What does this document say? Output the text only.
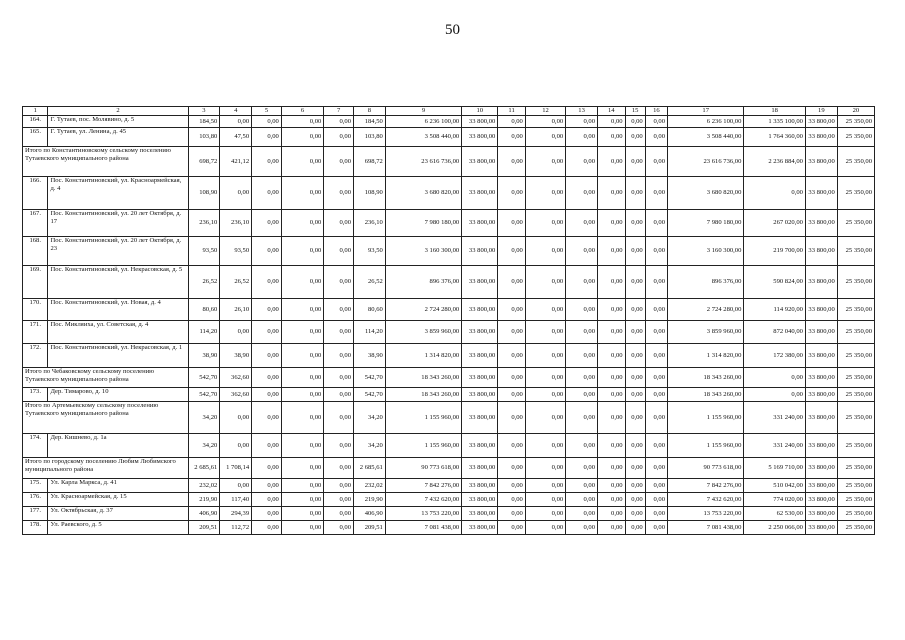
50
1	2	3	4	5	6	7	8	9	10	11	12	13	14	15	16	17	18	19	20
164.	Г. Тутаев, пос. Молявино, д. 5	184,50	0,00	0,00	0,00	0,00	184,50	6 236 100,00	33 800,00	0,00	0,00	0,00	0,00	0,00	0,00	6 236 100,00	1 335 100,00	33 800,00	25 350,00
165.	Г. Тутаев, ул. Ленина, д. 45	103,80	47,50	0,00	0,00	0,00	103,80	3 508 440,00	33 800,00	0,00	0,00	0,00	0,00	0,00	0,00	3 508 440,00	1 764 360,00	33 800,00	25 350,00
Итого по Константиновскому сельскому поселению Тутаевского муниципального района		698,72	421,12	0,00	0,00	0,00	698,72	23 616 736,00	33 800,00	0,00	0,00	0,00	0,00	0,00	0,00	23 616 736,00	2 236 884,00	33 800,00	25 350,00
166.	Пос. Константиновский, ул. Красноармейская, д. 4	108,90	0,00	0,00	0,00	0,00	108,90	3 680 820,00	33 800,00	0,00	0,00	0,00	0,00	0,00	0,00	3 680 820,00	0,00	33 800,00	25 350,00
167.	Пос. Константиновский, ул. 20 лет Октября, д. 17	236,10	236,10	0,00	0,00	0,00	236,10	7 980 180,00	33 800,00	0,00	0,00	0,00	0,00	0,00	0,00	7 980 180,00	267 020,00	33 800,00	25 350,00
168.	Пос. Константиновский, ул. 20 лет Октября, д. 23	93,50	93,50	0,00	0,00	0,00	93,50	3 160 300,00	33 800,00	0,00	0,00	0,00	0,00	0,00	0,00	3 160 300,00	219 700,00	33 800,00	25 350,00
169.	Пос. Константиновский, ул. Некрасовская, д. 5	26,52	26,52	0,00	0,00	0,00	26,52	896 376,00	33 800,00	0,00	0,00	0,00	0,00	0,00	0,00	896 376,00	590 824,00	33 800,00	25 350,00
170.	Пос. Константиновский, ул. Новая, д. 4	80,60	26,10	0,00	0,00	0,00	80,60	2 724 280,00	33 800,00	0,00	0,00	0,00	0,00	0,00	0,00	2 724 280,00	114 920,00	33 800,00	25 350,00
171.	Пос. Микляиха, ул. Советская, д. 4	114,20	0,00	0,00	0,00	0,00	114,20	3 859 960,00	33 800,00	0,00	0,00	0,00	0,00	0,00	0,00	3 859 960,00	872 040,00	33 800,00	25 350,00
172.	Пос. Константиновский, ул. Некрасовская, д. 1	38,90	38,90	0,00	0,00	0,00	38,90	1 314 820,00	33 800,00	0,00	0,00	0,00	0,00	0,00	0,00	1 314 820,00	172 380,00	33 800,00	25 350,00
Итого по Чебаковскому сельскому поселению Тутаевского муниципального района		542,70	362,60	0,00	0,00	0,00	542,70	18 343 260,00	33 800,00	0,00	0,00	0,00	0,00	0,00	0,00	18 343 260,00	0,00	33 800,00	25 350,00
173.	Дер. Тимарово, д. 10	542,70	362,60	0,00	0,00	0,00	542,70	18 343 260,00	33 800,00	0,00	0,00	0,00	0,00	0,00	0,00	18 343 260,00	0,00	33 800,00	25 350,00
Итого по Артемьевскому сельскому поселению Тутаевского муниципального района		34,20	0,00	0,00	0,00	0,00	34,20	1 155 960,00	33 800,00	0,00	0,00	0,00	0,00	0,00	0,00	1 155 960,00	331 240,00	33 800,00	25 350,00
174.	Дер. Кишнево, д. 1а	34,20	0,00	0,00	0,00	0,00	34,20	1 155 960,00	33 800,00	0,00	0,00	0,00	0,00	0,00	0,00	1 155 960,00	331 240,00	33 800,00	25 350,00
Итого по городскому поселению Любим Любимского муниципального района		2 685,61	1 708,14	0,00	0,00	0,00	2 685,61	90 773 618,00	33 800,00	0,00	0,00	0,00	0,00	0,00	0,00	90 773 618,00	5 169 710,00	33 800,00	25 350,00
175.	Ул. Карла Маркса, д. 41	232,02	0,00	0,00	0,00	0,00	232,02	7 842 276,00	33 800,00	0,00	0,00	0,00	0,00	0,00	0,00	7 842 276,00	510 042,00	33 800,00	25 350,00
176.	Ул. Красноармейская, д. 15	219,90	117,40	0,00	0,00	0,00	219,90	7 432 620,00	33 800,00	0,00	0,00	0,00	0,00	0,00	0,00	7 432 620,00	774 020,00	33 800,00	25 350,00
177.	Ул. Октябрьская, д. 37	406,90	294,39	0,00	0,00	0,00	406,90	13 753 220,00	33 800,00	0,00	0,00	0,00	0,00	0,00	0,00	13 753 220,00	62 530,00	33 800,00	25 350,00
178.	Ул. Раевского, д. 5	209,51	112,72	0,00	0,00	0,00	209,51	7 081 438,00	33 800,00	0,00	0,00	0,00	0,00	0,00	0,00	7 081 438,00	2 250 066,00	33 800,00	25 350,00
